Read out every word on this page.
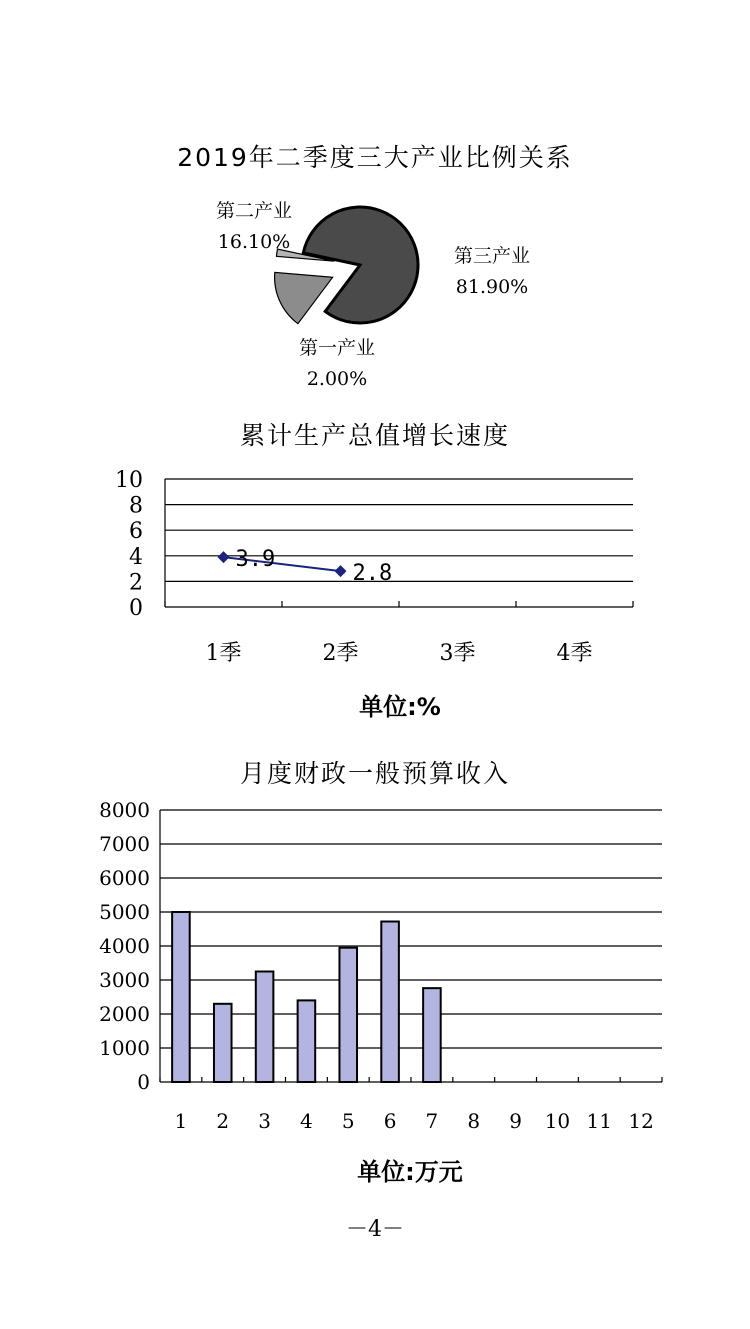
2019年二季度三大产业比例关系
第三产业
81.90%
第二产业
16.10%
第一产业
2.00%
累计生产总值增长速度
0
2
4
6
8
10
1季	2季	3季	4季
3.9
2.8
单位:%
月度财政一般预算收入
0
1000
2000
3000
4000
5000
6000
7000
8000
1 2 3 4 5 6 7 8 9 10 11 12
单位:万元
－4－
